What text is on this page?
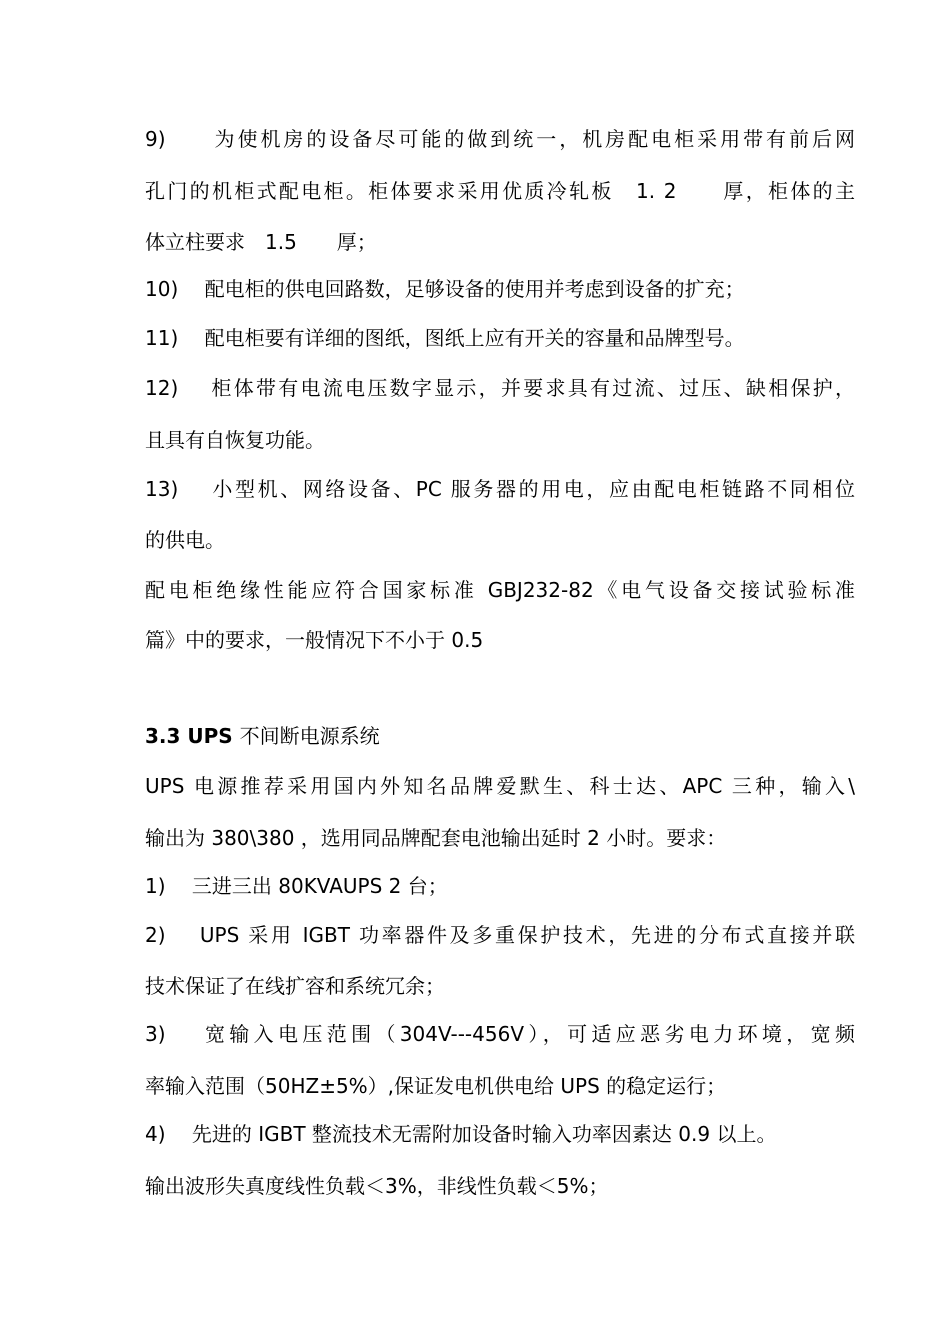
9)　　为使机房的设备尽可能的做到统一，机房配电柜采用带有前后网
孔门的机柜式配电柜。柜体要求采用优质冷轧板　1. 2　　厚，柜体的主
体立柱要求　1.5　　厚；
10)　 配电柜的供电回路数，足够设备的使用并考虑到设备的扩充；
11)　 配电柜要有详细的图纸，图纸上应有开关的容量和品牌型号。
12)　 柜体带有电流电压数字显示，并要求具有过流、过压、缺相保护，
且具有自恢复功能。
13)　 小型机、网络设备、PC 服务器的用电，应由配电柜链路不同相位
的供电。
配电柜绝缘性能应符合国家标准 GBJ232-82《电气设备交接试验标准
篇》中的要求，一般情况下不小于 0.5
3.3 UPS 不间断电源系统
UPS 电源推荐采用国内外知名品牌爱默生、科士达、APC 三种，输入\
输出为 380\380 ，选用同品牌配套电池输出延时 2 小时。要求：
1)　 三进三出 80KVAUPS 2 台；
2)　 UPS 采用 IGBT 功率器件及多重保护技术，先进的分布式直接并联
技术保证了在线扩容和系统冗余；
3)　 宽输入电压范围（304V---456V），可适应恶劣电力环境，宽频
率输入范围（50HZ±5%）,保证发电机供电给 UPS 的稳定运行；
4)　 先进的 IGBT 整流技术无需附加设备时输入功率因素达 0.9 以上。
输出波形失真度线性负载＜3%，非线性负载＜5%；
